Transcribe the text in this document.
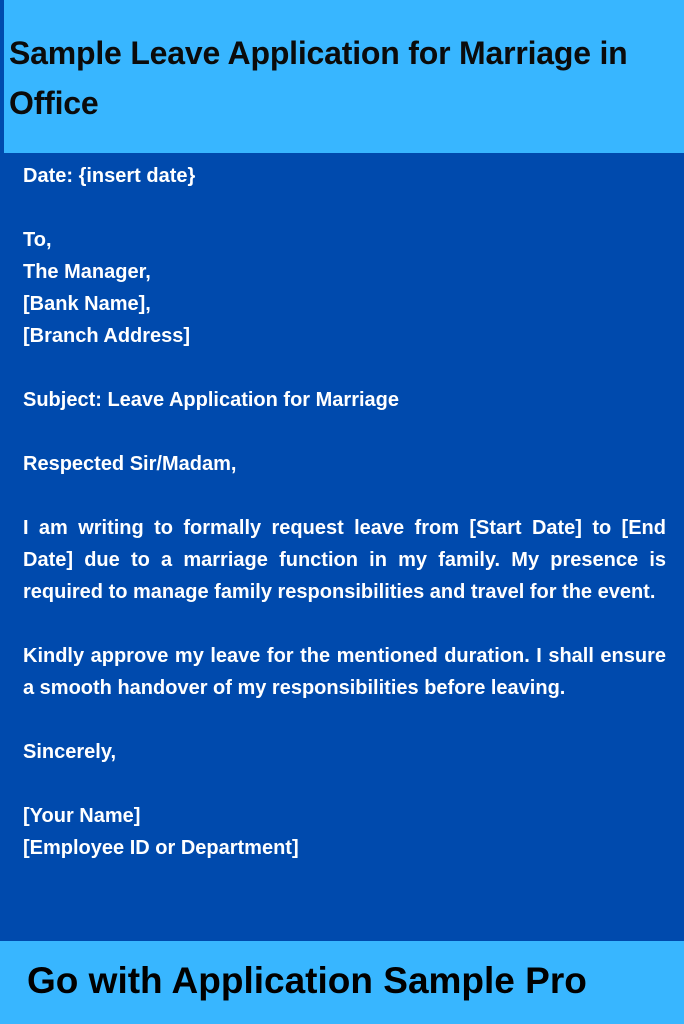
Sample Leave Application for Marriage in Office

Date: {insert date}

To,

The Manager,

[Bank Name],

[Branch Address]

Subject: Leave Application for Marriage

Respected Sir/Madam,

I am writing to formally request leave from [Start Date] to [End Date] due to a marriage function in my family. My presence is required to manage family responsibilities and travel for the event.

Kindly approve my leave for the mentioned duration. I shall ensure a smooth handover of my responsibilities before leaving.

Sincerely,

[Your Name]

[Employee ID or Department]

Go with Application Sample Pro
